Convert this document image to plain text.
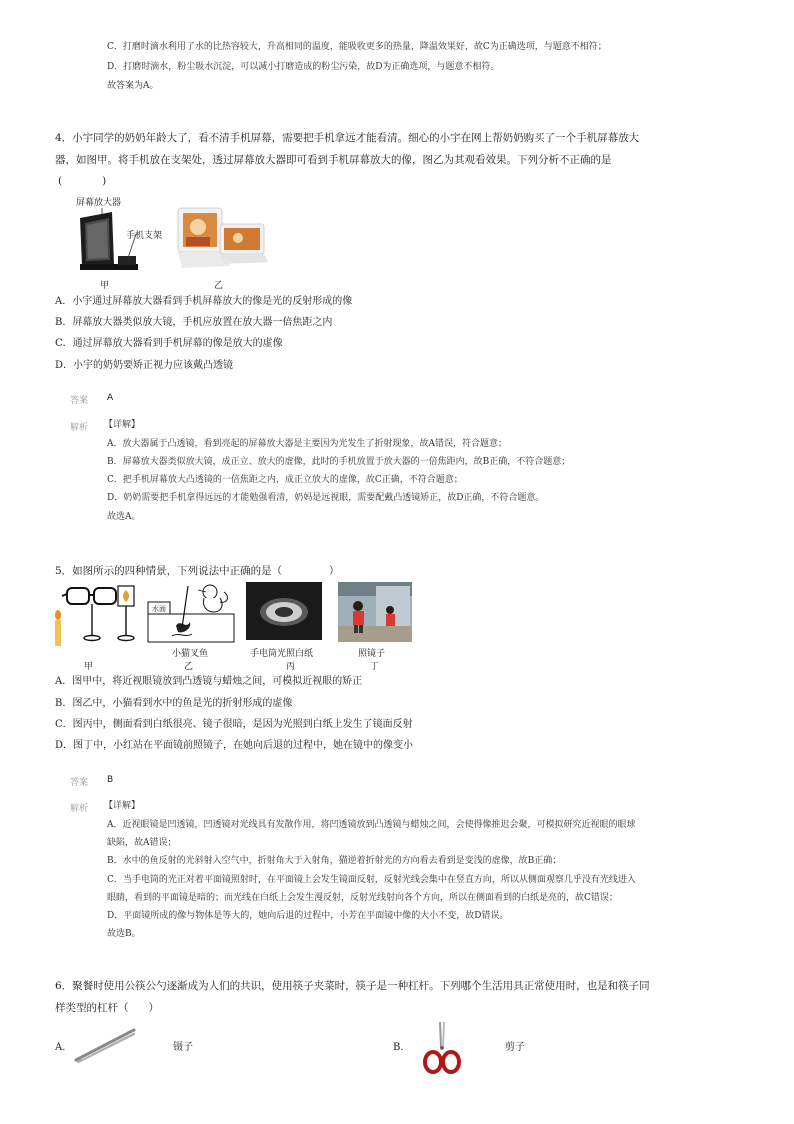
C．打磨时滴水利用了水的比热容较大，升高相同的温度，能吸收更多的热量，降温效果好，故C为正确选项，与题意不相符；
D．打磨时滴水，粉尘吸水沉淀，可以减小打磨造成的粉尘污染，故D为正确选项，与题意不相符。
故答案为A。
4．小宇同学的奶奶年龄大了，看不清手机屏幕，需要把手机拿远才能看清。细心的小宇在网上帮奶奶购买了一个手机屏幕放大
器，如图甲。将手机放在支架处，透过屏幕放大器即可看到手机屏幕放大的像，图乙为其观看效果。下列分析不正确的是
(            )
屏幕放大器
手机支架
甲	乙
A．小宇通过屏幕放大器看到手机屏幕放大的像是光的反射形成的像
B．屏幕放大器类似放大镜，手机应放置在放大器一倍焦距之内
C．通过屏幕放大器看到手机屏幕的像是放大的虚像
D．小宇的奶奶要矫正视力应该戴凸透镜
答案 A
解析 【详解】
A．放大器属于凸透镜，看到亮起的屏幕放大器是主要因为光发生了折射现象，故A错误，符合题意；
B．屏幕放大器类似放大镜，成正立、放大的虚像，此时的手机放置于放大器的一倍焦距内，故B正确，不符合题意；
C．把手机屏幕放大凸透镜的一倍焦距之内，成正立放大的虚像，故C正确，不符合题意；
D．奶奶需要把手机拿得远远的才能勉强看清，奶妈是远视眼，需要配戴凸透镜矫正，故D正确，不符合题意。
故选A。
5．如图所示的四种情景，下列说法中正确的是（              ）
甲
水面
小猫叉鱼
乙
手电筒光照白纸
丙
照镜子
丁
A．图甲中，将近视眼镜放到凸透镜与蜡烛之间，可模拟近视眼的矫正
B．图乙中，小猫看到水中的鱼是光的折射形成的虚像
C．图丙中，侧面看到白纸很亮、镜子很暗，是因为光照到白纸上发生了镜面反射
D．图丁中，小红站在平面镜前照镜子，在她向后退的过程中，她在镜中的像变小
答案 B
解析 【详解】
A．近视眼镜是凹透镜，凹透镜对光线具有发散作用，将凹透镜放到凸透镜与蜡烛之间，会使得像推迟会聚，可模拟研究近视眼的眼球
缺陷，故A错误；
B．水中的鱼反射的光斜射入空气中，折射角大于入射角，猫逆着折射光的方向看去看到是变浅的虚像，故B正确；
C．当手电筒的光正对着平面镜照射时，在平面镜上会发生镜面反射，反射光线会集中在竖直方向，所以从侧面观察几乎没有光线进入
眼睛，看到的平面镜是暗的；而光线在白纸上会发生漫反射，反射光线射向各个方向，所以在侧面看到的白纸是亮的，故C错误；
D．平面镜所成的像与物体是等大的，她向后退的过程中，小芳在平面镜中像的大小不变，故D错误。
故选B。
6．聚餐时使用公筷公勺逐渐成为人们的共识，使用筷子夹菜时，筷子是一种杠杆。下列哪个生活用具正常使用时，也是和筷子同
样类型的杠杆（      ）
A．	镊子	B．	剪子
